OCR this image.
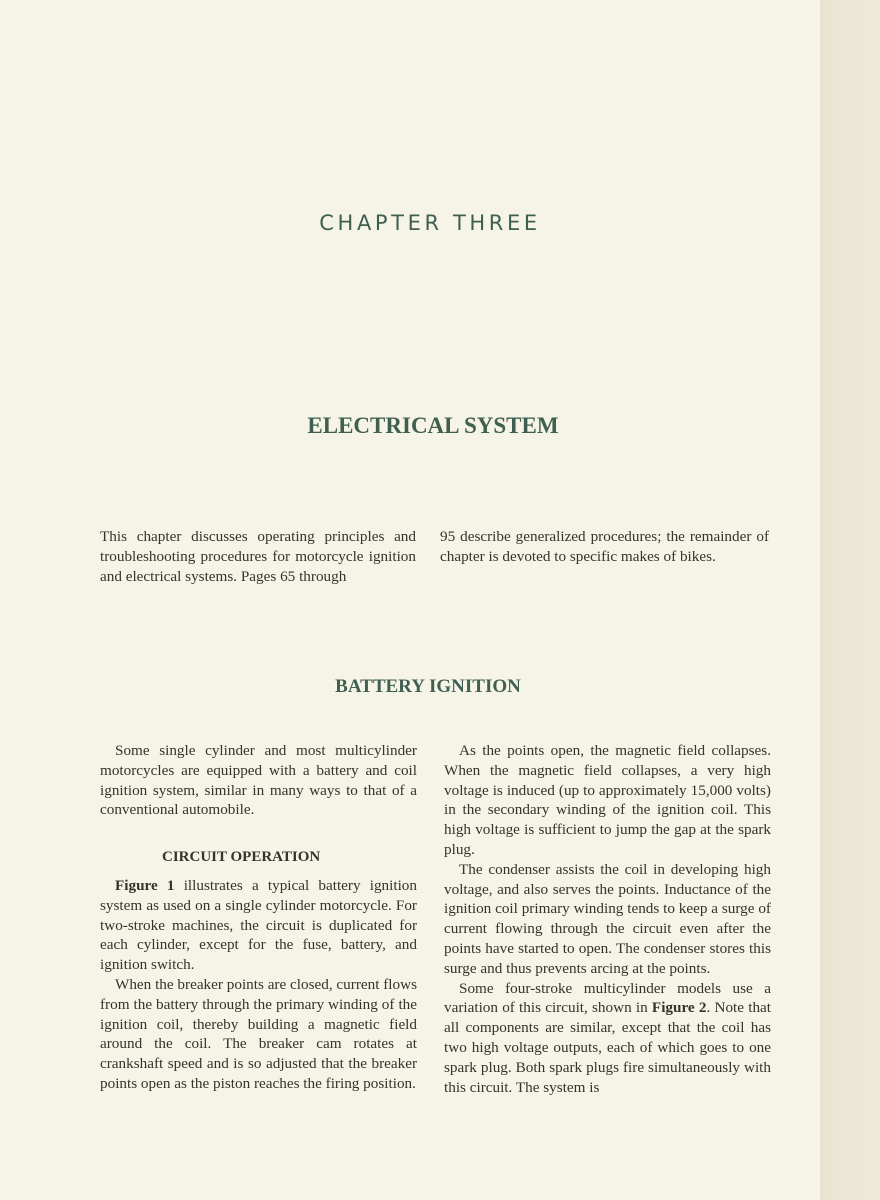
CHAPTER THREE
ELECTRICAL SYSTEM

This chapter discusses operating principles and troubleshooting procedures for motorcycle ignition and electrical systems. Pages 65 through

95 describe generalized procedures; the remainder of chapter is devoted to specific makes of bikes.

BATTERY IGNITION

Some single cylinder and most multicylinder motorcycles are equipped with a battery and coil ignition system, similar in many ways to that of a conventional automobile.

CIRCUIT OPERATION

Figure 1 illustrates a typical battery ignition system as used on a single cylinder motorcycle. For two-stroke machines, the circuit is duplicated for each cylinder, except for the fuse, battery, and ignition switch.

When the breaker points are closed, current flows from the battery through the primary winding of the ignition coil, thereby building a magnetic field around the coil. The breaker cam rotates at crankshaft speed and is so adjusted that the breaker points open as the piston reaches the firing position.

As the points open, the magnetic field collapses. When the magnetic field collapses, a very high voltage is induced (up to approximately 15,000 volts) in the secondary winding of the ignition coil. This high voltage is sufficient to jump the gap at the spark plug.

The condenser assists the coil in developing high voltage, and also serves the points. Inductance of the ignition coil primary winding tends to keep a surge of current flowing through the circuit even after the points have started to open. The condenser stores this surge and thus prevents arcing at the points.

Some four-stroke multicylinder models use a variation of this circuit, shown in Figure 2. Note that all components are similar, except that the coil has two high voltage outputs, each of which goes to one spark plug. Both spark plugs fire simultaneously with this circuit. The system is
